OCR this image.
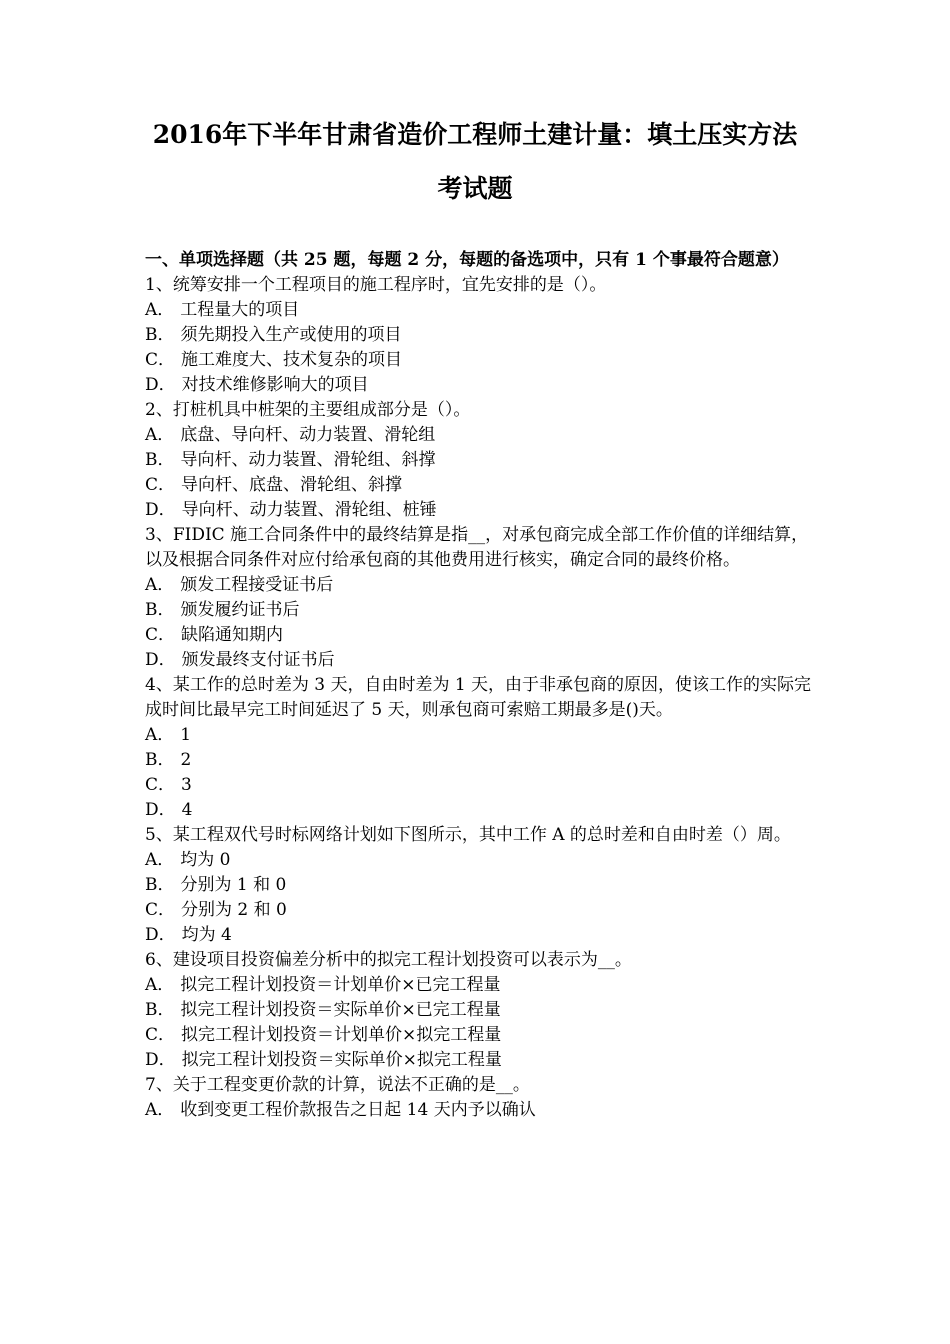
2016年下半年甘肃省造价工程师土建计量：填土压实方法
考试题

一、单项选择题（共 25 题，每题 2 分，每题的备选项中，只有 1 个事最符合题意）

1、统筹安排一个工程项目的施工程序时，宜先安排的是（）。

A． 工程量大的项目

B． 须先期投入生产或使用的项目

C． 施工难度大、技术复杂的项目

D． 对技术维修影响大的项目

2、打桩机具中桩架的主要组成部分是（）。

A． 底盘、导向杆、动力装置、滑轮组

B． 导向杆、动力装置、滑轮组、斜撑

C． 导向杆、底盘、滑轮组、斜撑

D． 导向杆、动力装置、滑轮组、桩锤

3、FIDIC 施工合同条件中的最终结算是指__，对承包商完成全部工作价值的详细结算，以及根据合同条件对应付给承包商的其他费用进行核实，确定合同的最终价格。

A． 颁发工程接受证书后

B． 颁发履约证书后

C． 缺陷通知期内

D． 颁发最终支付证书后

4、某工作的总时差为 3 天，自由时差为 1 天，由于非承包商的原因，使该工作的实际完成时间比最早完工时间延迟了 5 天，则承包商可索赔工期最多是()天。

A． 1

B． 2

C． 3

D． 4

5、某工程双代号时标网络计划如下图所示，其中工作 A 的总时差和自由时差（）周。

A． 均为 0

B． 分别为 1 和 0

C． 分别为 2 和 0

D． 均为 4

6、建设项目投资偏差分析中的拟完工程计划投资可以表示为__。

A． 拟完工程计划投资＝计划单价×已完工程量

B． 拟完工程计划投资＝实际单价×已完工程量

C． 拟完工程计划投资＝计划单价×拟完工程量

D． 拟完工程计划投资＝实际单价×拟完工程量

7、关于工程变更价款的计算，说法不正确的是__。

A． 收到变更工程价款报告之日起 14 天内予以确认
